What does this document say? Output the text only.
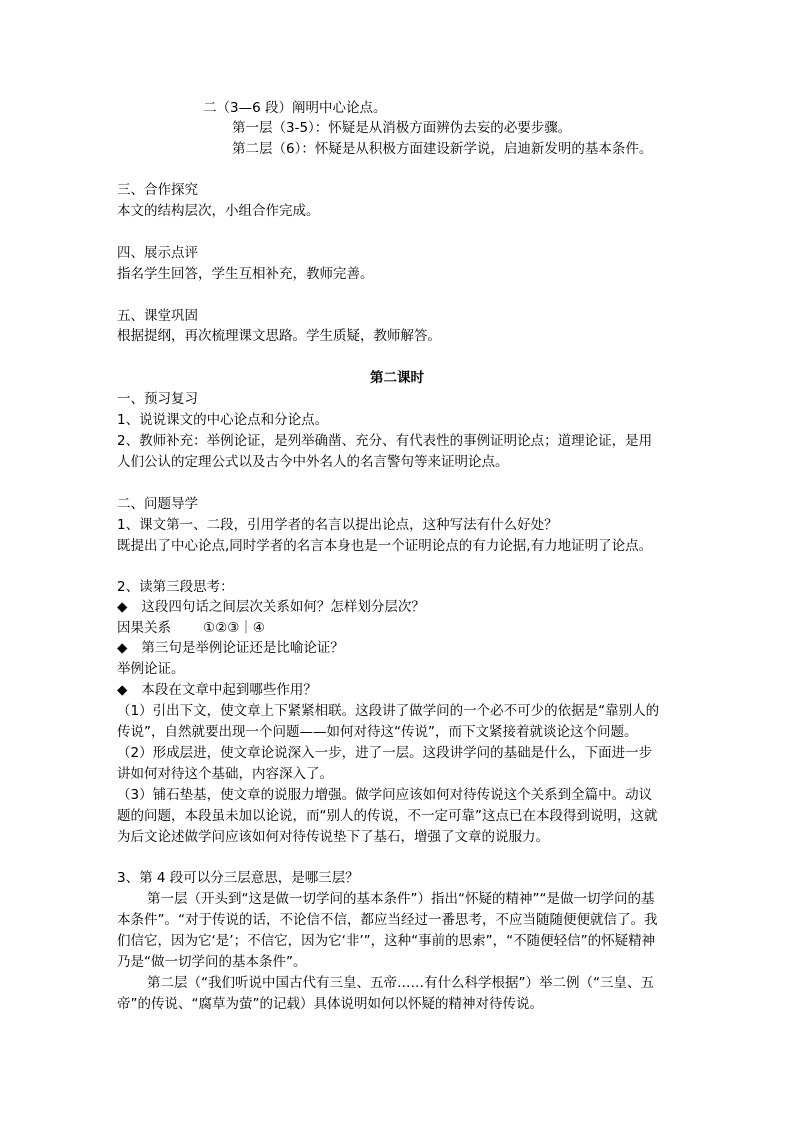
二（3—6 段）阐明中心论点。
第一层（3-5）：怀疑是从消极方面辨伪去妄的必要步骤。
第二层（6）：怀疑是从积极方面建设新学说，启迪新发明的基本条件。
三、合作探究
本文的结构层次，小组合作完成。
四、展示点评
指名学生回答，学生互相补充，教师完善。
五、课堂巩固
根据提纲，再次梳理课文思路。学生质疑，教师解答。
第二课时
一、预习复习
1、说说课文的中心论点和分论点。
2、教师补充：举例论证，是列举确凿、充分、有代表性的事例证明论点；道理论证，是用
人们公认的定理公式以及古今中外名人的名言警句等来证明论点。
二、问题导学
1、课文第一、二段，引用学者的名言以提出论点，这种写法有什么好处？
既提出了中心论点,同时学者的名言本身也是一个证明论点的有力论据,有力地证明了论点。
2、读第三段思考：
◆ 这段四句话之间层次关系如何？怎样划分层次？
因果关系 ①②③｜④
◆ 第三句是举例论证还是比喻论证？
举例论证。
◆ 本段在文章中起到哪些作用？
（1）引出下文，使文章上下紧紧相联。这段讲了做学问的一个必不可少的依据是“靠别人的
传说”，自然就要出现一个问题——如何对待这“传说”，而下文紧接着就谈论这个问题。
（2）形成层进，使文章论说深入一步，进了一层。这段讲学问的基础是什么，下面进一步
讲如何对待这个基础，内容深入了。
（3）铺石垫基，使文章的说服力增强。做学问应该如何对待传说这个关系到全篇中。动议
题的问题，本段虽未加以论说，而“别人的传说，不一定可靠”这点已在本段得到说明，这就
为后文论述做学问应该如何对待传说垫下了基石，增强了文章的说服力。
3、第 4 段可以分三层意思，是哪三层？
第一层（开头到“这是做一切学问的基本条件”）指出“怀疑的精神”“是做一切学问的基
本条件”。“对于传说的话，不论信不信，都应当经过一番思考，不应当随随便便就信了。我
们信它，因为它‘是’；不信它，因为它‘非’”，这种“事前的思索”，“不随便轻信”的怀疑精神
乃是“做一切学问的基本条件”。
第二层（“我们听说中国古代有三皇、五帝……有什么科学根据”）举二例（“三皇、五
帝”的传说、“腐草为萤”的记载）具体说明如何以怀疑的精神对待传说。
